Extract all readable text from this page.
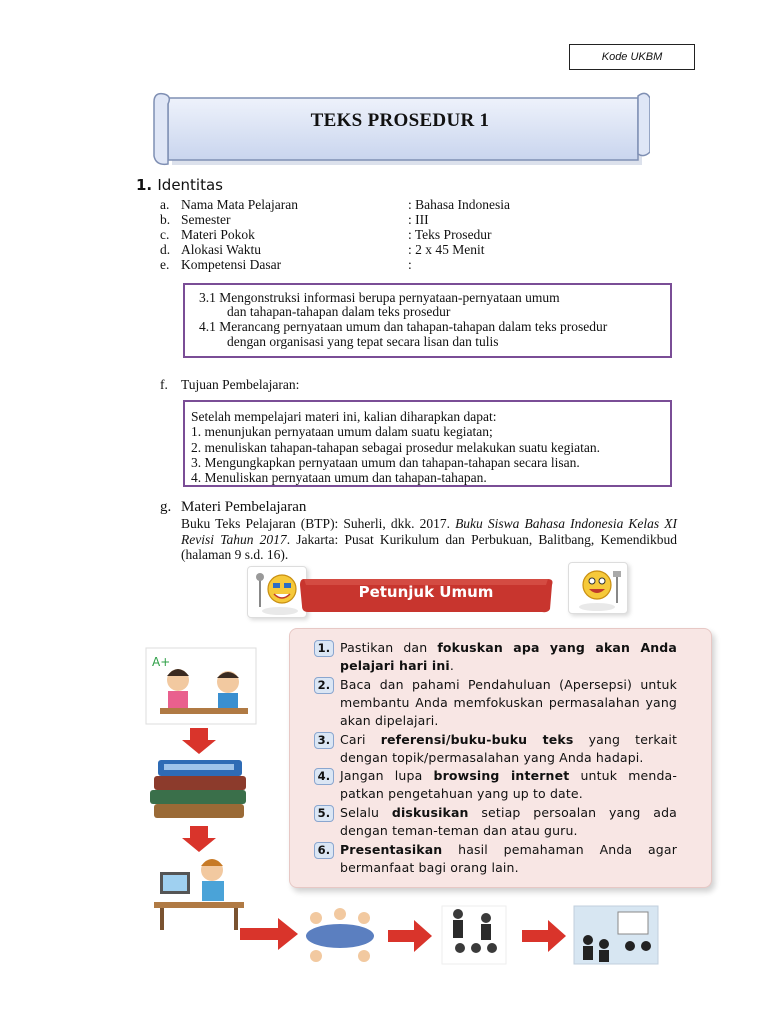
Kode UKBM
TEKS PROSEDUR 1
1. Identitas
a. Nama Mata Pelajaran	: Bahasa Indonesia
b. Semester	: III
c. Materi Pokok	: Teks Prosedur
d. Alokasi Waktu	: 2 x 45 Menit
e. Kompetensi Dasar	:
3.1 Mengonstruksi informasi berupa pernyataan-pernyataan umum
dan tahapan-tahapan dalam teks prosedur
4.1 Merancang pernyataan umum dan tahapan-tahapan dalam teks prosedur
dengan organisasi yang tepat secara lisan dan tulis
f. Tujuan Pembelajaran:
Setelah mempelajari materi ini, kalian diharapkan dapat:
1. menunjukan pernyataan umum dalam suatu kegiatan;
2. menuliskan tahapan-tahapan sebagai prosedur melakukan suatu kegiatan.
3. Mengungkapkan pernyataan umum dan tahapan-tahapan secara lisan.
4. Menuliskan pernyataan umum dan tahapan-tahapan.
g. Materi Pembelajaran
Buku Teks Pelajaran (BTP): Suherli, dkk. 2017. Buku Siswa Bahasa Indonesia Kelas XI Revisi Tahun 2017. Jakarta: Pusat Kurikulum dan Perbukuan, Balitbang, Kemendikbud (halaman 9 s.d. 16).
Petunjuk Umum
A+
1. Pastikan dan fokuskan apa yang akan Anda pelajari hari ini.
2. Baca dan pahami Pendahuluan (Apersepsi) untuk membantu Anda memfokuskan permasalahan yang akan dipelajari.
3. Cari referensi/buku-buku teks yang terkait dengan topik/permasalahan yang Anda hadapi.
4. Jangan lupa browsing internet untuk menda-patkan pengetahuan yang up to date.
5. Selalu diskusikan setiap persoalan yang ada dengan teman-teman dan atau guru.
6. Presentasikan hasil pemahaman Anda agar bermanfaat bagi orang lain.
